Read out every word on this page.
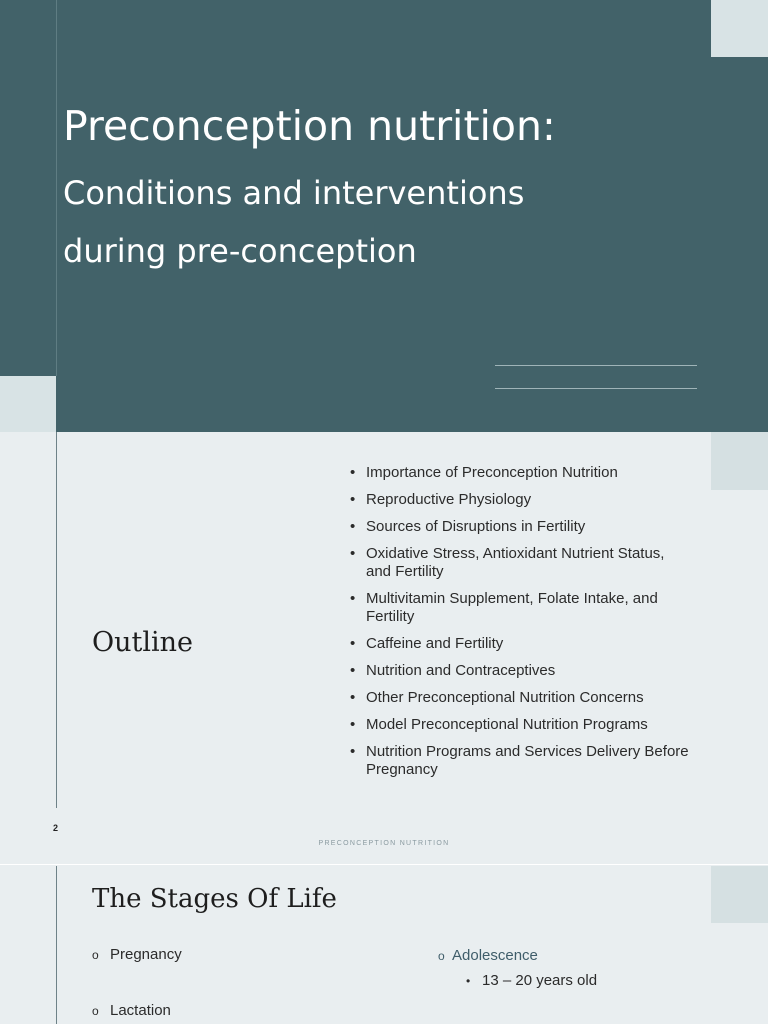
Preconception nutrition:
Conditions and interventions
during pre-conception
Outline
• Importance of Preconception Nutrition
• Reproductive Physiology
• Sources of Disruptions in Fertility
• Oxidative Stress, Antioxidant Nutrient Status, and Fertility
• Multivitamin Supplement, Folate Intake, and Fertility
• Caffeine and Fertility
• Nutrition and Contraceptives
• Other Preconceptional Nutrition Concerns
• Model Preconceptional Nutrition Programs
• Nutrition Programs and Services Delivery Before Pregnancy
2
PRECONCEPTION NUTRITION
The Stages Of Life
o Pregnancy
o Lactation
o Adolescence
• 13 – 20 years old
